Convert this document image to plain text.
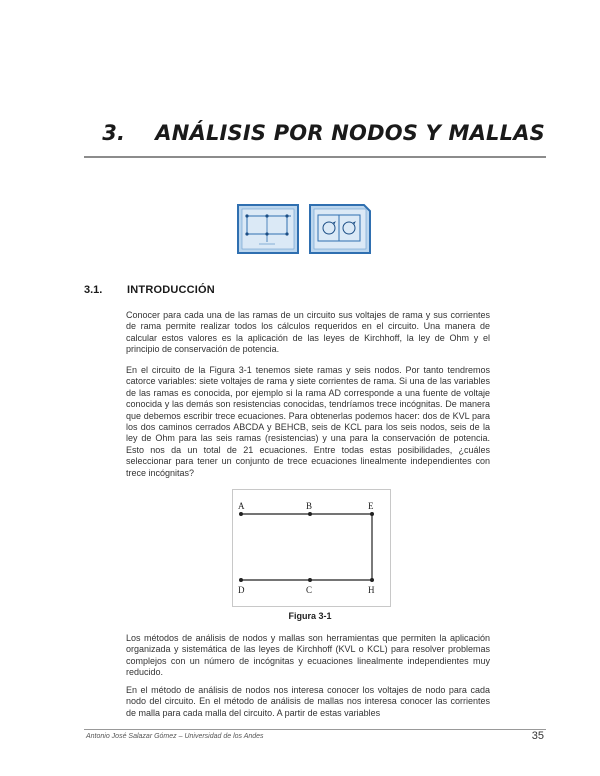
3. ANÁLISIS POR NODOS Y MALLAS
3.1. INTRODUCCIÓN

Conocer para cada una de las ramas de un circuito sus voltajes de rama y sus corrientes de rama permite realizar todos los cálculos requeridos en el circuito. Una manera de calcular estos valores es la aplicación de las leyes de Kirchhoff, la ley de Ohm y el principio de conservación de potencia.

En el circuito de la Figura 3-1 tenemos siete ramas y seis nodos. Por tanto tendremos catorce variables: siete voltajes de rama y siete corrientes de rama. Si una de las variables de las ramas es conocida, por ejemplo si la rama AD corresponde a una fuente de voltaje conocida y las demás son resistencias conocidas, tendríamos trece incógnitas. De manera que debemos escribir trece ecuaciones. Para obtenerlas podemos hacer: dos de KVL para los dos caminos cerrados ABCDA y BEHCB, seis de KCL para los seis nodos, seis de la ley de Ohm para las seis ramas (resistencias) y una para la conservación de potencia. Esto nos da un total de 21 ecuaciones. Entre todas estas posibilidades, ¿cuáles seleccionar para tener un conjunto de trece ecuaciones linealmente independientes con trece incógnitas?

A	B	E
D	C	H
Figura 3-1

Los métodos de análisis de nodos y mallas son herramientas que permiten la aplicación organizada y sistemática de las leyes de Kirchhoff (KVL o KCL) para resolver problemas complejos con un número de incógnitas y ecuaciones linealmente independientes muy reducido.

En el método de análisis de nodos nos interesa conocer los voltajes de nodo para cada nodo del circuito. En el método de análisis de mallas nos interesa conocer las corrientes de malla para cada malla del circuito. A partir de estas variables

Antonio José Salazar Gómez – Universidad de los Andes	35
